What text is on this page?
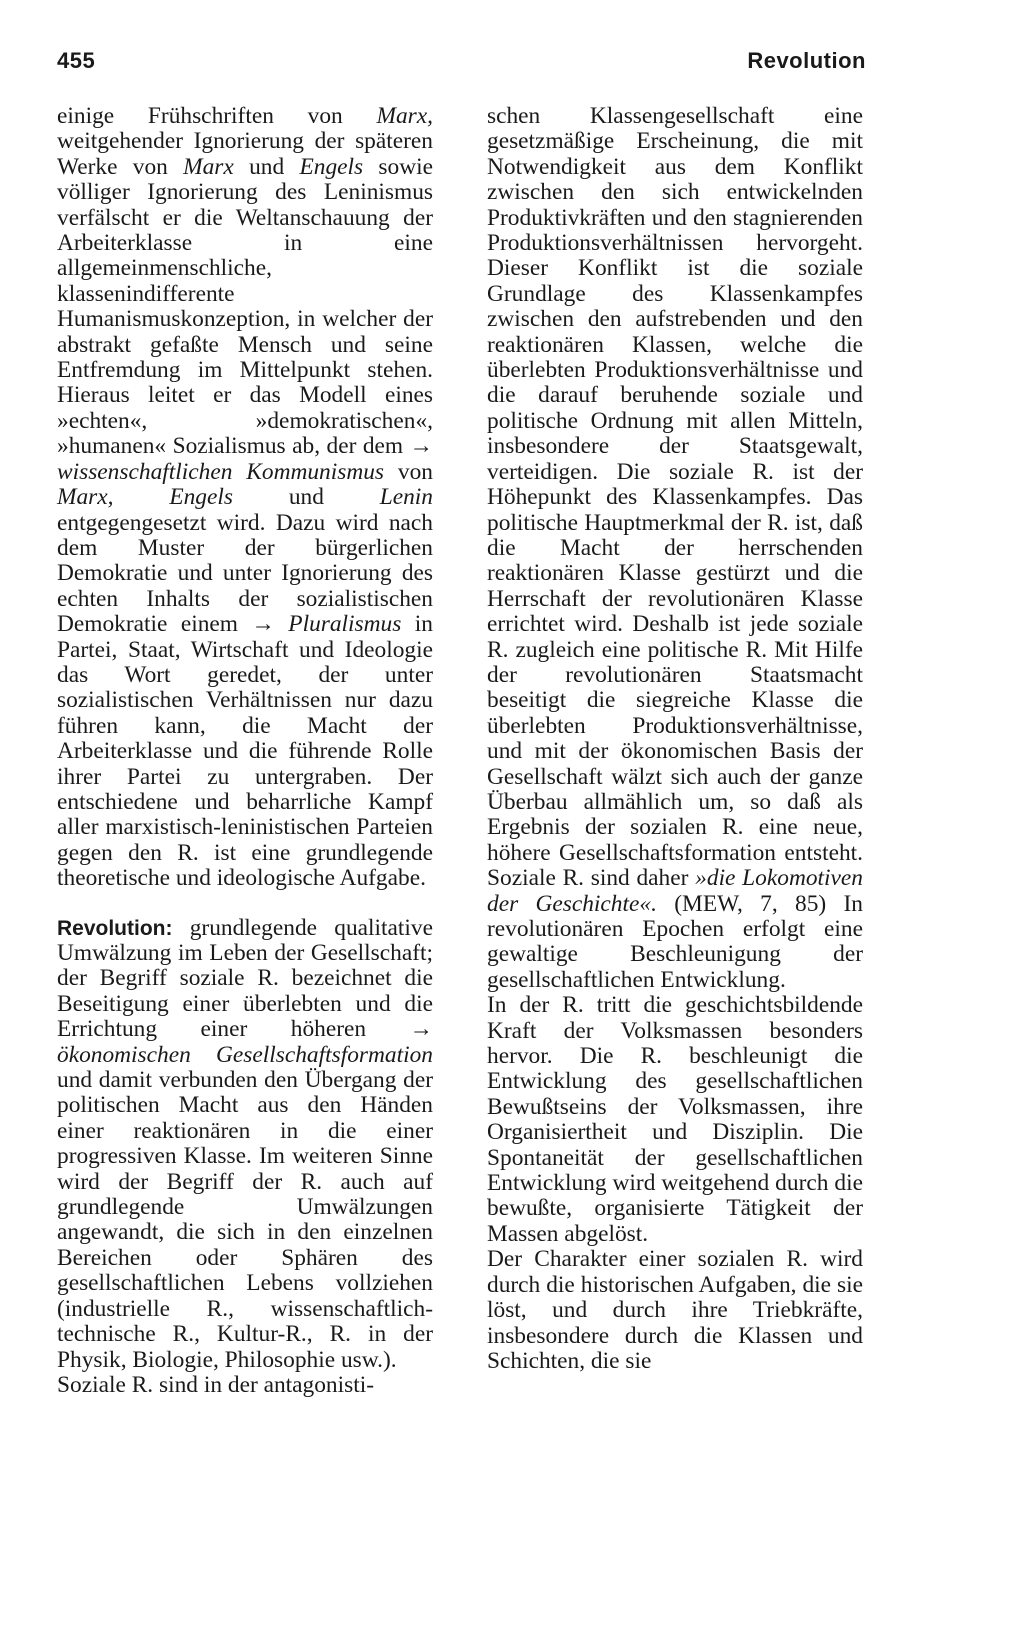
455	Revolution

einige Frühschriften von Marx, weitgehender Ignorierung der späteren Werke von Marx und Engels sowie völliger Ignorierung des Leninismus verfälscht er die Weltanschauung der Arbeiterklasse in eine allgemeinmenschliche, klassenindifferente Humanismuskonzeption, in welcher der abstrakt gefaßte Mensch und seine Entfremdung im Mittelpunkt stehen. Hieraus leitet er das Modell eines »echten«, »demokratischen«, »humanen« Sozialismus ab, der dem → wissenschaftlichen Kommunismus von Marx, Engels und Lenin entgegengesetzt wird. Dazu wird nach dem Muster der bürgerlichen Demokratie und unter Ignorierung des echten Inhalts der sozialistischen Demokratie einem → Pluralismus in Partei, Staat, Wirtschaft und Ideologie das Wort geredet, der unter sozialistischen Verhältnissen nur dazu führen kann, die Macht der Arbeiterklasse und die führende Rolle ihrer Partei zu untergraben. Der entschiedene und beharrliche Kampf aller marxistisch-leninistischen Parteien gegen den R. ist eine grundlegende theoretische und ideologische Aufgabe.

Revolution: grundlegende qualitative Umwälzung im Leben der Gesellschaft; der Begriff soziale R. bezeichnet die Beseitigung einer überlebten und die Errichtung einer höheren → ökonomischen Gesellschaftsformation und damit verbunden den Übergang der politischen Macht aus den Händen einer reaktionären in die einer progressiven Klasse. Im weiteren Sinne wird der Begriff der R. auch auf grundlegende Umwälzungen angewandt, die sich in den einzelnen Bereichen oder Sphären des gesellschaftlichen Lebens vollziehen (industrielle R., wissenschaftlich-technische R., Kultur-R., R. in der Physik, Biologie, Philosophie usw.).

Soziale R. sind in der antagonisti-

schen Klassengesellschaft eine gesetzmäßige Erscheinung, die mit Notwendigkeit aus dem Konflikt zwischen den sich entwickelnden Produktivkräften und den stagnierenden Produktionsverhältnissen hervorgeht. Dieser Konflikt ist die soziale Grundlage des Klassenkampfes zwischen den aufstrebenden und den reaktionären Klassen, welche die überlebten Produktionsverhältnisse und die darauf beruhende soziale und politische Ordnung mit allen Mitteln, insbesondere der Staatsgewalt, verteidigen. Die soziale R. ist der Höhepunkt des Klassenkampfes. Das politische Hauptmerkmal der R. ist, daß die Macht der herrschenden reaktionären Klasse gestürzt und die Herrschaft der revolutionären Klasse errichtet wird. Deshalb ist jede soziale R. zugleich eine politische R. Mit Hilfe der revolutionären Staatsmacht beseitigt die siegreiche Klasse die überlebten Produktionsverhältnisse, und mit der ökonomischen Basis der Gesellschaft wälzt sich auch der ganze Überbau allmählich um, so daß als Ergebnis der sozialen R. eine neue, höhere Gesellschaftsformation entsteht. Soziale R. sind daher »die Lokomotiven der Geschichte«. (MEW, 7, 85) In revolutionären Epochen erfolgt eine gewaltige Beschleunigung der gesellschaftlichen Entwicklung.

In der R. tritt die geschichtsbildende Kraft der Volksmassen besonders hervor. Die R. beschleunigt die Entwicklung des gesellschaftlichen Bewußtseins der Volksmassen, ihre Organisiertheit und Disziplin. Die Spontaneität der gesellschaftlichen Entwicklung wird weitgehend durch die bewußte, organisierte Tätigkeit der Massen abgelöst.

Der Charakter einer sozialen R. wird durch die historischen Aufgaben, die sie löst, und durch ihre Triebkräfte, insbesondere durch die Klassen und Schichten, die sie
